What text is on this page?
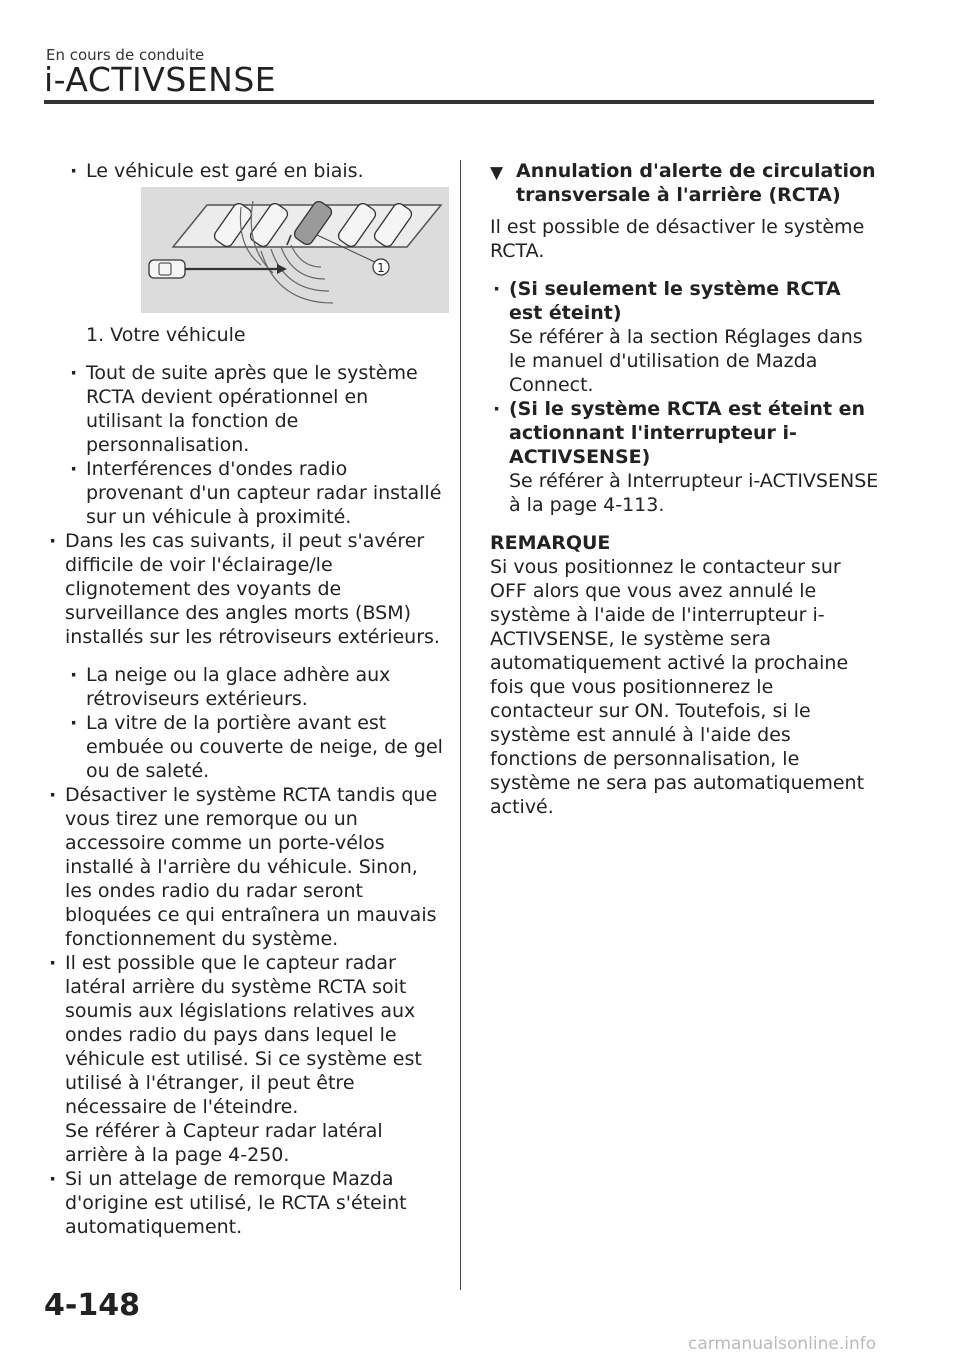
En cours de conduite
i-ACTIVSENSE
· Le véhicule est garé en biais.
1
1. Votre véhicule
· Tout de suite après que le système RCTA devient opérationnel en utilisant la fonction de personnalisation.
· Interférences d'ondes radio provenant d'un capteur radar installé sur un véhicule à proximité.
· Dans les cas suivants, il peut s'avérer difficile de voir l'éclairage/le clignotement des voyants de surveillance des angles morts (BSM) installés sur les rétroviseurs extérieurs.
· La neige ou la glace adhère aux rétroviseurs extérieurs.
· La vitre de la portière avant est embuée ou couverte de neige, de gel ou de saleté.
· Désactiver le système RCTA tandis que vous tirez une remorque ou un accessoire comme un porte-vélos installé à l'arrière du véhicule. Sinon, les ondes radio du radar seront bloquées ce qui entraînera un mauvais fonctionnement du système.
· Il est possible que le capteur radar latéral arrière du système RCTA soit soumis aux législations relatives aux ondes radio du pays dans lequel le véhicule est utilisé. Si ce système est utilisé à l'étranger, il peut être nécessaire de l'éteindre.
Se référer à Capteur radar latéral arrière à la page 4-250.
· Si un attelage de remorque Mazda d'origine est utilisé, le RCTA s'éteint automatiquement.
▼ Annulation d'alerte de circulation transversale à l'arrière (RCTA)
Il est possible de désactiver le système RCTA.
· (Si seulement le système RCTA est éteint)
Se référer à la section Réglages dans le manuel d'utilisation de Mazda Connect.
· (Si le système RCTA est éteint en actionnant l'interrupteur i-ACTIVSENSE)
Se référer à Interrupteur i-ACTIVSENSE à la page 4-113.
REMARQUE
Si vous positionnez le contacteur sur OFF alors que vous avez annulé le système à l'aide de l'interrupteur i-ACTIVSENSE, le système sera automatiquement activé la prochaine fois que vous positionnerez le contacteur sur ON. Toutefois, si le système est annulé à l'aide des fonctions de personnalisation, le système ne sera pas automatiquement activé.
4-148
carmanualsonline.info
